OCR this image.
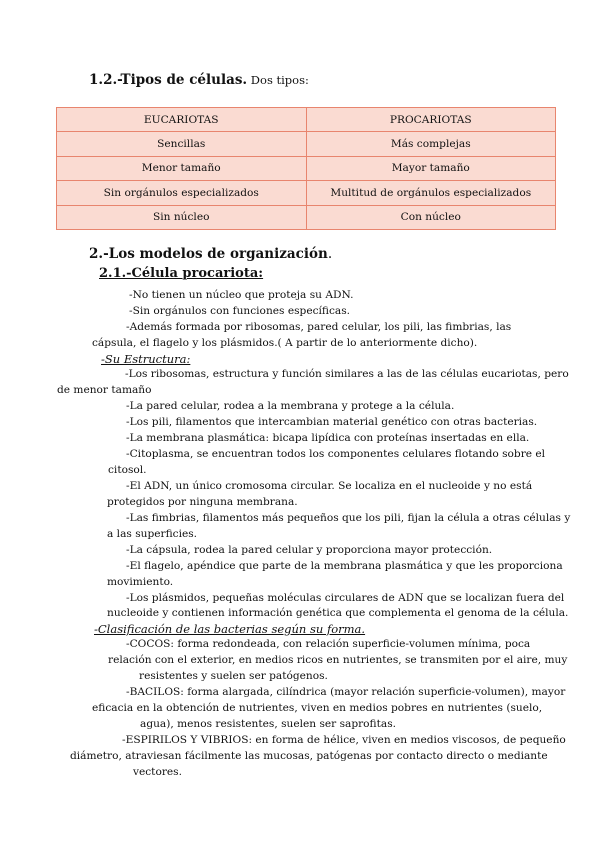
1.2.-Tipos de células. Dos tipos:
EUCARIOTAS	PROCARIOTAS
Sencillas	Más complejas
Menor tamaño	Mayor tamaño
Sin orgánulos especializados	Multitud de orgánulos especializados
Sin núcleo	Con núcleo
2.-Los modelos de organización.
2.1.-Célula procariota:
-No tienen un núcleo que proteja su ADN.
-Sin orgánulos con funciones específicas.
-Además formada por ribosomas, pared celular, los pili, las fimbrias, las
cápsula, el flagelo y los plásmidos.( A partir de lo anteriormente dicho).
-Su Estructura:
-Los ribosomas, estructura y función similares a las de las células eucariotas, pero
de menor tamaño
-La pared celular, rodea a la membrana y protege a la célula.
-Los pili, filamentos que intercambian material genético con otras bacterias.
-La membrana plasmática: bicapa lipídica con proteínas insertadas en ella.
-Citoplasma, se encuentran todos los componentes celulares flotando sobre el
citosol.
-El ADN, un único cromosoma circular. Se localiza en el nucleoide y no está
protegidos por ninguna membrana.
-Las fimbrias, filamentos más pequeños que los pili, fijan la célula a otras células y
a las superficies.
-La cápsula, rodea la pared celular y proporciona mayor protección.
-El flagelo, apéndice que parte de la membrana plasmática y que les proporciona
movimiento.
-Los plásmidos, pequeñas moléculas circulares de ADN que se localizan fuera del
nucleoide y contienen información genética que complementa el genoma de la célula.
-Clasificación de las bacterias según su forma.
-COCOS: forma redondeada, con relación superficie-volumen mínima, poca
relación con el exterior, en medios ricos en nutrientes, se transmiten por el aire, muy
resistentes y suelen ser patógenos.
-BACILOS: forma alargada, cilíndrica (mayor relación superficie-volumen), mayor
eficacia en la obtención de nutrientes, viven en medios pobres en nutrientes (suelo,
agua), menos resistentes, suelen ser saprofitas.
-ESPIRILOS Y VIBRIOS: en forma de hélice, viven en medios viscosos, de pequeño
diámetro, atraviesan fácilmente las mucosas, patógenas por contacto directo o mediante
vectores.
